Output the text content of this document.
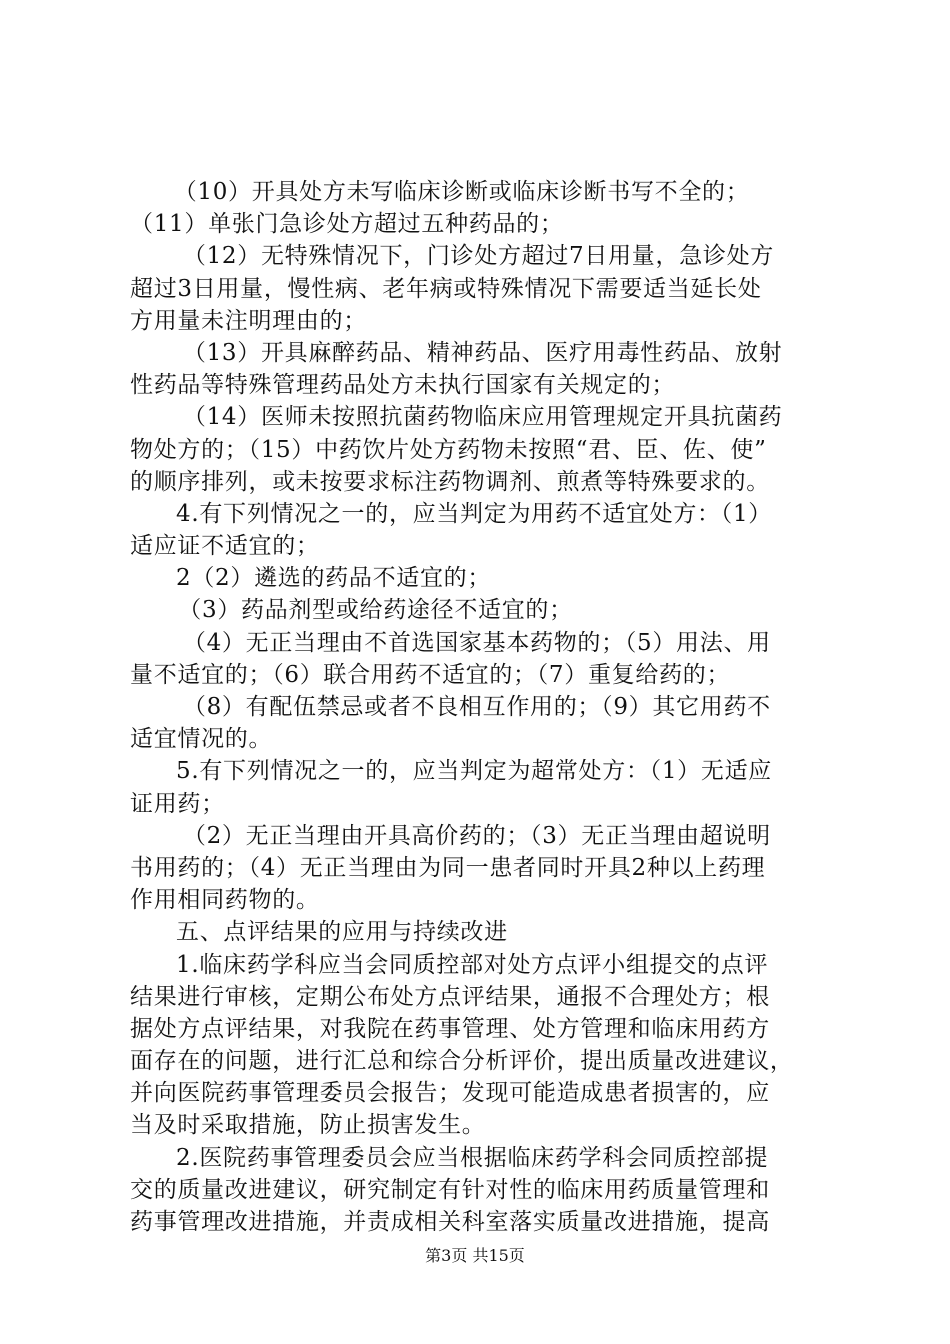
（10）开具处方未写临床诊断或临床诊断书写不全的；
（11）单张门急诊处方超过五种药品的；
（12）无特殊情况下，门诊处方超过7日用量，急诊处方
超过3日用量，慢性病、老年病或特殊情况下需要适当延长处
方用量未注明理由的；
（13）开具麻醉药品、精神药品、医疗用毒性药品、放射
性药品等特殊管理药品处方未执行国家有关规定的；
（14）医师未按照抗菌药物临床应用管理规定开具抗菌药
物处方的；（15）中药饮片处方药物未按照“君、臣、佐、使”
的顺序排列，或未按要求标注药物调剂、煎煮等特殊要求的。
4.有下列情况之一的，应当判定为用药不适宜处方：（1）
适应证不适宜的；
2（2）遴选的药品不适宜的；
（3）药品剂型或给药途径不适宜的；
（4）无正当理由不首选国家基本药物的；（5）用法、用
量不适宜的；（6）联合用药不适宜的；（7）重复给药的；
（8）有配伍禁忌或者不良相互作用的；（9）其它用药不
适宜情况的。
5.有下列情况之一的，应当判定为超常处方：（1）无适应
证用药；
（2）无正当理由开具高价药的；（3）无正当理由超说明
书用药的；（4）无正当理由为同一患者同时开具2种以上药理
作用相同药物的。
五、点评结果的应用与持续改进
1.临床药学科应当会同质控部对处方点评小组提交的点评
结果进行审核，定期公布处方点评结果，通报不合理处方；根
据处方点评结果，对我院在药事管理、处方管理和临床用药方
面存在的问题，进行汇总和综合分析评价，提出质量改进建议，
并向医院药事管理委员会报告；发现可能造成患者损害的，应
当及时采取措施，防止损害发生。
2.医院药事管理委员会应当根据临床药学科会同质控部提
交的质量改进建议，研究制定有针对性的临床用药质量管理和
药事管理改进措施，并责成相关科室落实质量改进措施，提高
第3页 共15页
